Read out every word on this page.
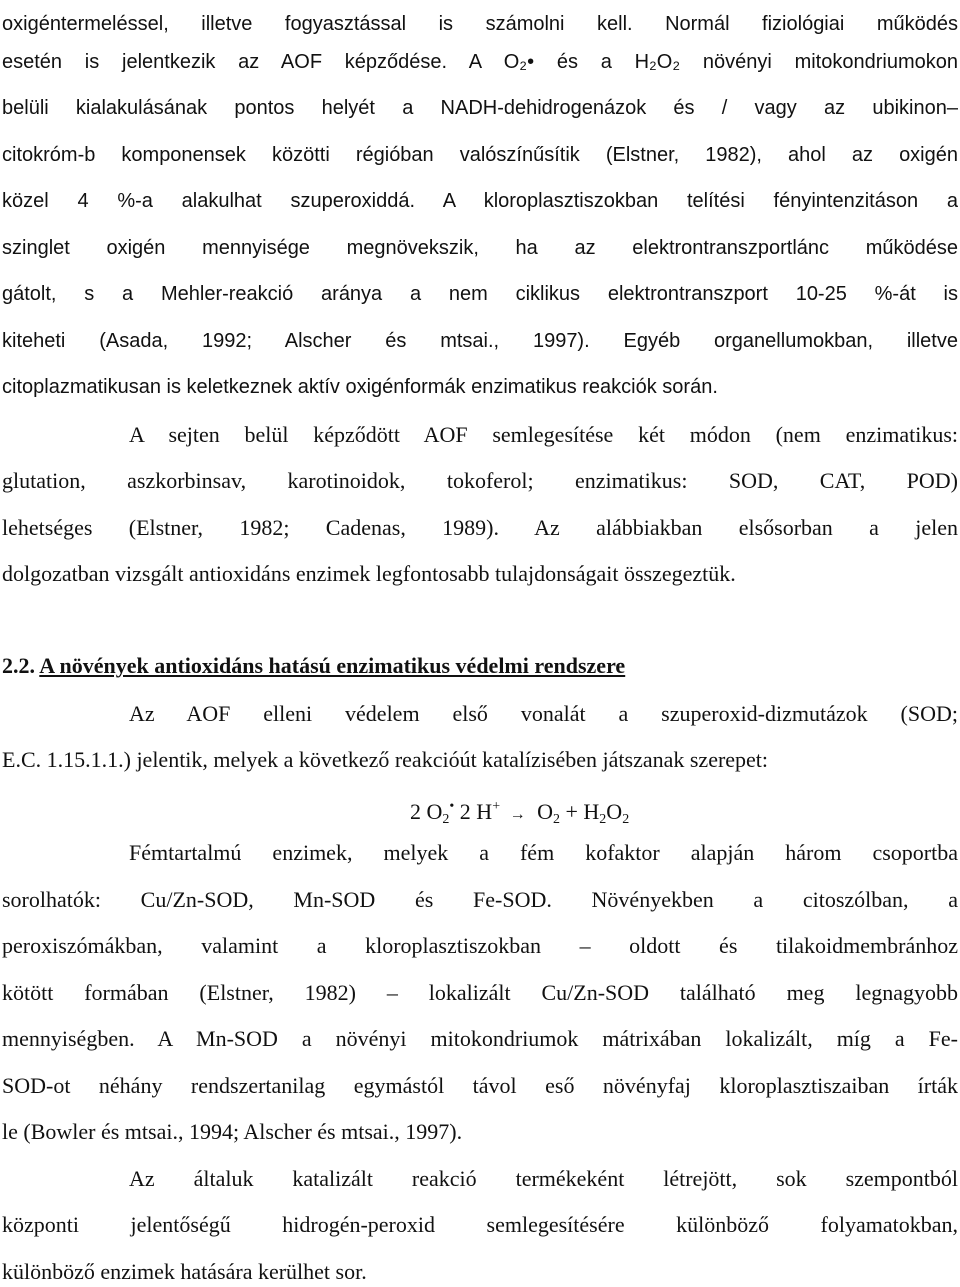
oxigéntermeléssel, illetve fogyasztással is számolni kell. Normál fiziológiai működés
esetén is jelentkezik az AOF képződése. A O₂• és a H₂O₂ növényi mitokondriumokon
belüli kialakulásának pontos helyét a NADH-dehidrogenázok és / vagy az ubikinon–
citokróm-b komponensek közötti régióban valószínűsítik (Elstner, 1982), ahol az oxigén
közel 4 %-a alakulhat szuperoxiddá. A kloroplasztiszokban telítési fényintenzitáson a
szinglet oxigén mennyisége megnövekszik, ha az elektrontranszportlánc működése
gátolt, s a Mehler-reakció aránya a nem ciklikus elektrontranszport 10-25 %-át is
kiteheti (Asada, 1992; Alscher és mtsai., 1997). Egyéb organellumokban, illetve
citoplazmatikusan is keletkeznek aktív oxigénformák enzimatikus reakciók során.
A sejten belül képződött AOF semlegesítése két módon (nem enzimatikus:
glutation, aszkorbinsav, karotinoidok, tokoferol; enzimatikus: SOD, CAT, POD)
lehetséges (Elstner, 1982; Cadenas, 1989). Az alábbiakban elsősorban a jelen
dolgozatban vizsgált antioxidáns enzimek legfontosabb tulajdonságait összegeztük.
2.2. A növények antioxidáns hatású enzimatikus védelmi rendszere
Az AOF elleni védelem első vonalát a szuperoxid-dizmutázok (SOD;
E.C. 1.15.1.1.) jelentik, melyek a következő reakcióút katalízisében játszanak szerepet:
2 $O_2^•$ 2 $H^+ \to O_2 + H_2O_2$
Fémtartalmú enzimek, melyek a fém kofaktor alapján három csoportba
sorolhatók: Cu/Zn-SOD, Mn-SOD és Fe-SOD. Növényekben a citoszólban, a
peroxiszómákban, valamint a kloroplasztiszokban – oldott és tilakoidmembránhoz
kötött formában (Elstner, 1982) – lokalizált Cu/Zn-SOD található meg legnagyobb
mennyiségben. A Mn-SOD a növényi mitokondriumok mátrixában lokalizált, míg a Fe-
SOD-ot néhány rendszertanilag egymástól távol eső növényfaj kloroplasztiszaiban írták
le (Bowler és mtsai., 1994; Alscher és mtsai., 1997).
Az általuk katalizált reakció termékeként létrejött, sok szempontból
központi jelentőségű hidrogén-peroxid semlegesítésére különböző folyamatokban,
különböző enzimek hatására kerülhet sor.
